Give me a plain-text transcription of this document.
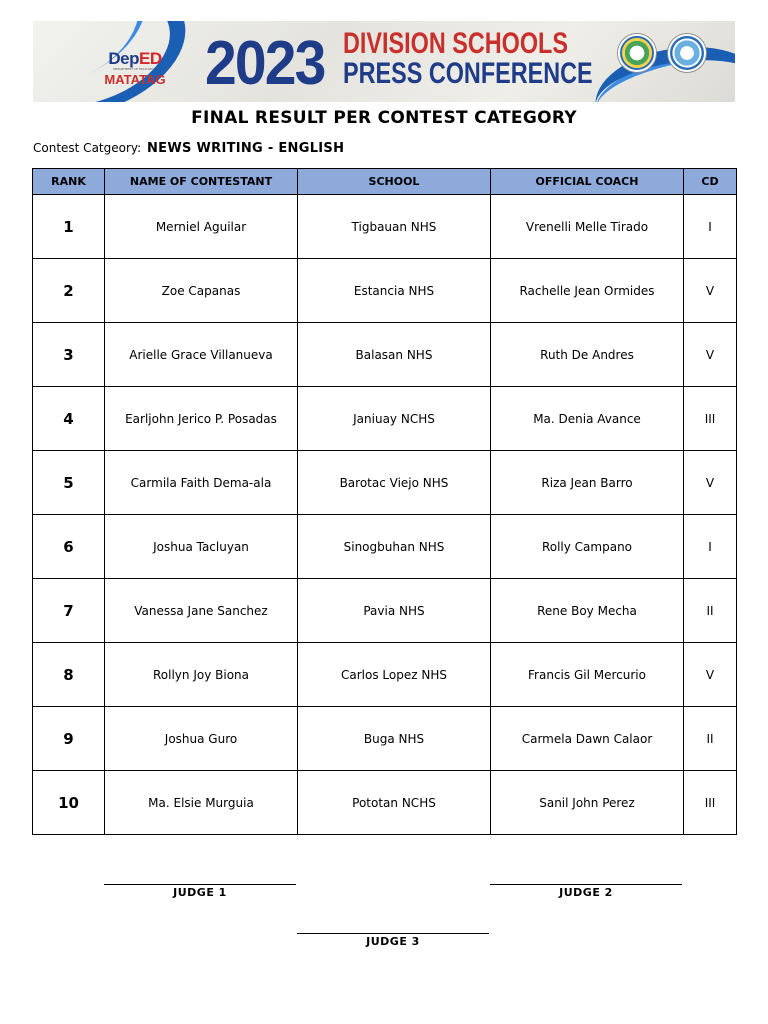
DepED
DEPARTMENT OF EDUCATION
MATATAG 2023 DIVISION SCHOOLS
PRESS CONFERENCE
FINAL RESULT PER CONTEST CATEGORY
Contest Catgeory: NEWS WRITING - ENGLISH
RANK	NAME OF CONTESTANT	SCHOOL	OFFICIAL COACH	CD
1	Merniel Aguilar	Tigbauan NHS	Vrenelli Melle Tirado	I
2	Zoe Capanas	Estancia NHS	Rachelle Jean Ormides	V
3	Arielle Grace Villanueva	Balasan NHS	Ruth De Andres	V
4	Earljohn Jerico P. Posadas	Janiuay NCHS	Ma. Denia Avance	III
5	Carmila Faith Dema-ala	Barotac Viejo NHS	Riza Jean Barro	V
6	Joshua Tacluyan	Sinogbuhan NHS	Rolly Campano	I
7	Vanessa Jane Sanchez	Pavia NHS	Rene Boy Mecha	II
8	Rollyn Joy Biona	Carlos Lopez NHS	Francis Gil Mercurio	V
9	Joshua Guro	Buga NHS	Carmela Dawn Calaor	II
10	Ma. Elsie Murguia	Pototan NCHS	Sanil John Perez	III
JUDGE 1	JUDGE 2
JUDGE 3
